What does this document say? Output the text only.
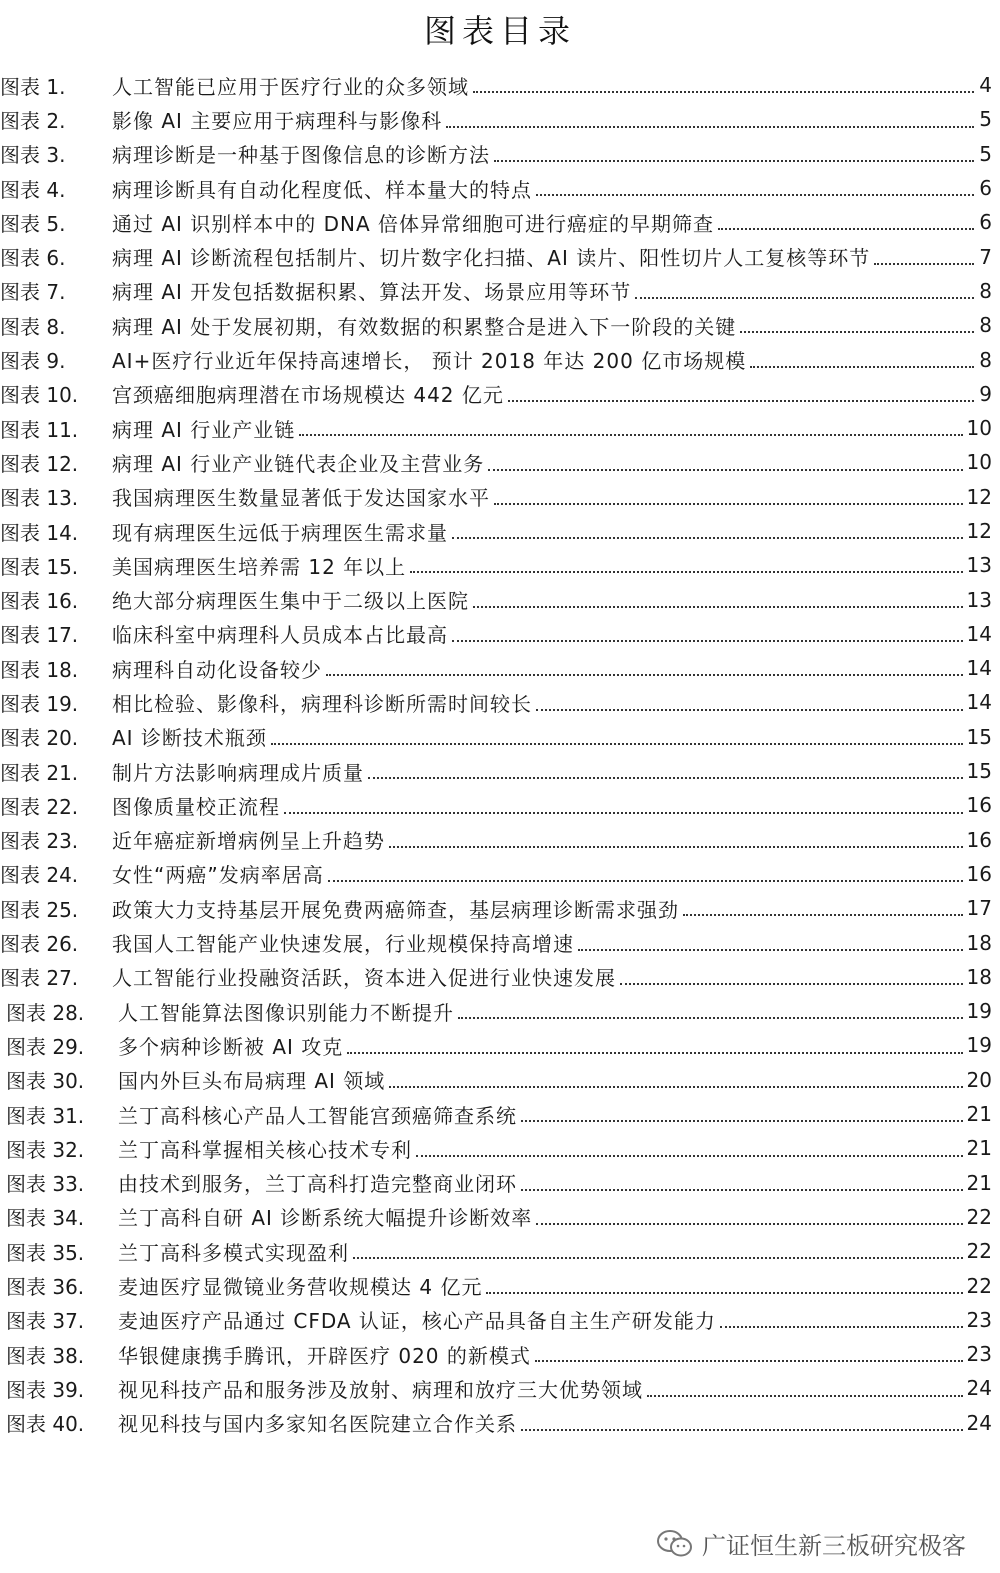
图表目录
图表 1.	人工智能已应用于医疗行业的众多领域	4
图表 2.	影像 AI 主要应用于病理科与影像科	5
图表 3.	病理诊断是一种基于图像信息的诊断方法	5
图表 4.	病理诊断具有自动化程度低、样本量大的特点	6
图表 5.	通过 AI 识别样本中的 DNA 倍体异常细胞可进行癌症的早期筛查	6
图表 6.	病理 AI 诊断流程包括制片、切片数字化扫描、AI 读片、阳性切片人工复核等环节	7
图表 7.	病理 AI 开发包括数据积累、算法开发、场景应用等环节	8
图表 8.	病理 AI 处于发展初期，有效数据的积累整合是进入下一阶段的关键	8
图表 9.	AI+医疗行业近年保持高速增长， 预计 2018 年达 200 亿市场规模	8
图表 10.	宫颈癌细胞病理潜在市场规模达 442 亿元	9
图表 11.	病理 AI 行业产业链	10
图表 12.	病理 AI 行业产业链代表企业及主营业务	10
图表 13.	我国病理医生数量显著低于发达国家水平	12
图表 14.	现有病理医生远低于病理医生需求量	12
图表 15.	美国病理医生培养需 12 年以上	13
图表 16.	绝大部分病理医生集中于二级以上医院	13
图表 17.	临床科室中病理科人员成本占比最高	14
图表 18.	病理科自动化设备较少	14
图表 19.	相比检验、影像科，病理科诊断所需时间较长	14
图表 20.	AI 诊断技术瓶颈	15
图表 21.	制片方法影响病理成片质量	15
图表 22.	图像质量校正流程	16
图表 23.	近年癌症新增病例呈上升趋势	16
图表 24.	女性“两癌”发病率居高	16
图表 25.	政策大力支持基层开展免费两癌筛查，基层病理诊断需求强劲	17
图表 26.	我国人工智能产业快速发展，行业规模保持高增速	18
图表 27.	人工智能行业投融资活跃，资本进入促进行业快速发展	18
图表 28.	人工智能算法图像识别能力不断提升	19
图表 29.	多个病种诊断被 AI 攻克	19
图表 30.	国内外巨头布局病理 AI 领域	20
图表 31.	兰丁高科核心产品人工智能宫颈癌筛查系统	21
图表 32.	兰丁高科掌握相关核心技术专利	21
图表 33.	由技术到服务，兰丁高科打造完整商业闭环	21
图表 34.	兰丁高科自研 AI 诊断系统大幅提升诊断效率	22
图表 35.	兰丁高科多模式实现盈利	22
图表 36.	麦迪医疗显微镜业务营收规模达 4 亿元	22
图表 37.	麦迪医疗产品通过 CFDA 认证，核心产品具备自主生产研发能力	23
图表 38.	华银健康携手腾讯，开辟医疗 020 的新模式	23
图表 39.	视见科技产品和服务涉及放射、病理和放疗三大优势领域	24
图表 40.	视见科技与国内多家知名医院建立合作关系	24
广证恒生新三板研究极客
